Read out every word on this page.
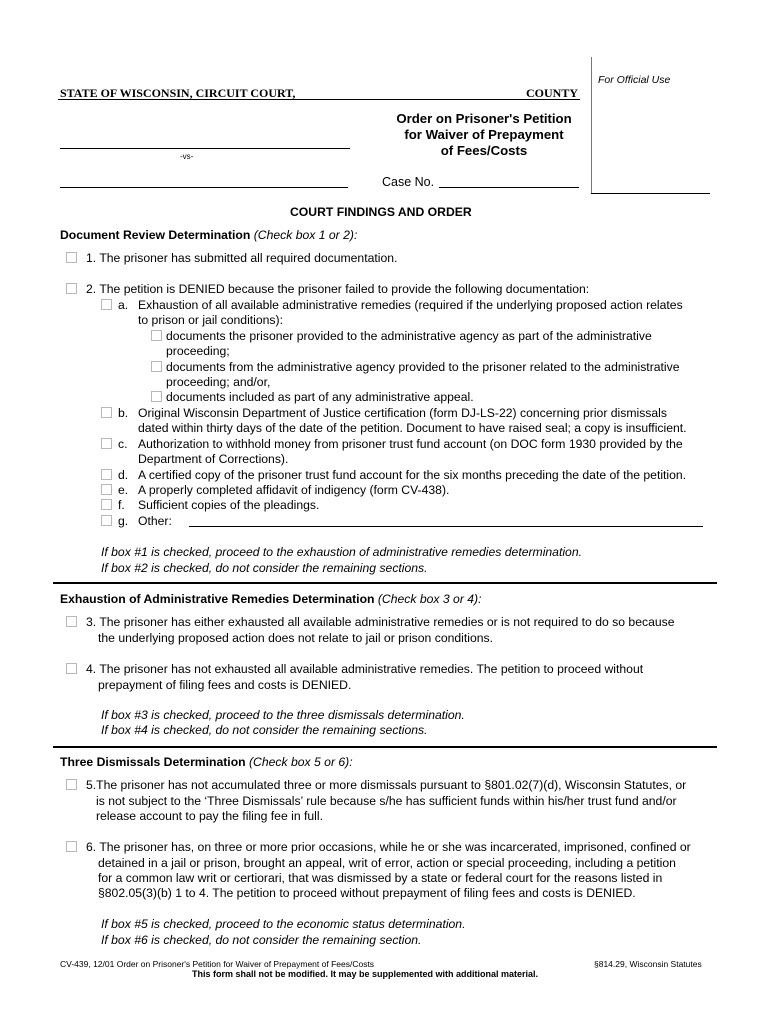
For Official Use
STATE OF WISCONSIN, CIRCUIT COURT,	COUNTY
Order on Prisoner's Petition
for Waiver of Prepayment
of Fees/Costs
-vs-
Case No.
COURT FINDINGS AND ORDER
Document Review Determination (Check box 1 or 2):
1. The prisoner has submitted all required documentation.
2. The petition is DENIED because the prisoner failed to provide the following documentation:
a. Exhaustion of all available administrative remedies (required if the underlying proposed action relates
to prison or jail conditions):
documents the prisoner provided to the administrative agency as part of the administrative
proceeding;
documents from the administrative agency provided to the prisoner related to the administrative
proceeding; and/or,
documents included as part of any administrative appeal.
b. Original Wisconsin Department of Justice certification (form DJ-LS-22) concerning prior dismissals
dated within thirty days of the date of the petition. Document to have raised seal; a copy is insufficient.
c. Authorization to withhold money from prisoner trust fund account (on DOC form 1930 provided by the
Department of Corrections).
d. A certified copy of the prisoner trust fund account for the six months preceding the date of the petition.
e. A properly completed affidavit of indigency (form CV-438).
f. Sufficient copies of the pleadings.
g. Other:
If box #1 is checked, proceed to the exhaustion of administrative remedies determination.
If box #2 is checked, do not consider the remaining sections.
Exhaustion of Administrative Remedies Determination (Check box 3 or 4):
3. The prisoner has either exhausted all available administrative remedies or is not required to do so because
the underlying proposed action does not relate to jail or prison conditions.
4. The prisoner has not exhausted all available administrative remedies. The petition to proceed without
prepayment of filing fees and costs is DENIED.
If box #3 is checked, proceed to the three dismissals determination.
If box #4 is checked, do not consider the remaining sections.
Three Dismissals Determination (Check box 5 or 6):
5.The prisoner has not accumulated three or more dismissals pursuant to §801.02(7)(d), Wisconsin Statutes, or
is not subject to the ‘Three Dismissals’ rule because s/he has sufficient funds within his/her trust fund and/or
release account to pay the filing fee in full.
6. The prisoner has, on three or more prior occasions, while he or she was incarcerated, imprisoned, confined or
detained in a jail or prison, brought an appeal, writ of error, action or special proceeding, including a petition
for a common law writ or certiorari, that was dismissed by a state or federal court for the reasons listed in
§802.05(3)(b) 1 to 4. The petition to proceed without prepayment of filing fees and costs is DENIED.
If box #5 is checked, proceed to the economic status determination.
If box #6 is checked, do not consider the remaining section.
CV-439, 12/01 Order on Prisoner's Petition for Waiver of Prepayment of Fees/Costs	§814.29, Wisconsin Statutes
This form shall not be modified. It may be supplemented with additional material.
